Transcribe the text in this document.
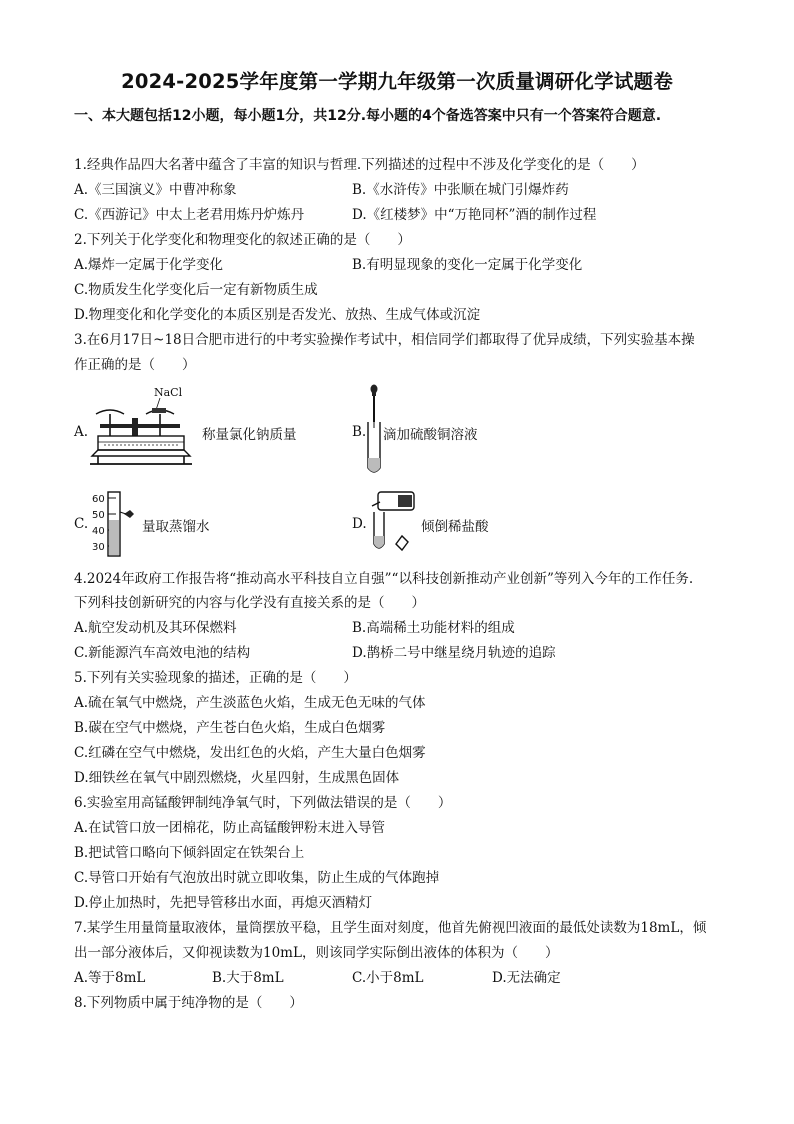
2024-2025学年度第一学期九年级第一次质量调研化学试题卷
一、本大题包括12小题，每小题1分，共12分.每小题的4个备选答案中只有一个答案符合题意.
1.经典作品四大名著中蕴含了丰富的知识与哲理.下列描述的过程中不涉及化学变化的是（　　）
A.《三国演义》中曹冲称象	B.《水浒传》中张顺在城门引爆炸药
C.《西游记》中太上老君用炼丹炉炼丹	D.《红楼梦》中“万艳同杯”酒的制作过程
2.下列关于化学变化和物理变化的叙述正确的是（　　）
A.爆炸一定属于化学变化	B.有明显现象的变化一定属于化学变化
C.物质发生化学变化后一定有新物质生成
D.物理变化和化学变化的本质区别是否发光、放热、生成气体或沉淀
3.在6月17日~18日合肥市进行的中考实验操作考试中，相信同学们都取得了优异成绩，下列实验基本操
作正确的是（　　）
A.
NaCl
称量氯化钠质量	B. 滴加硫酸铜溶液
C.
60
50
40
30
量取蒸馏水	D.	倾倒稀盐酸
4.2024年政府工作报告将“推动高水平科技自立自强”“以科技创新推动产业创新”等列入今年的工作任务.
下列科技创新研究的内容与化学没有直接关系的是（　　）
A.航空发动机及其环保燃料	B.高端稀土功能材料的组成
C.新能源汽车高效电池的结构	D.鹊桥二号中继星绕月轨迹的追踪
5.下列有关实验现象的描述，正确的是（　　）
A.硫在氧气中燃烧，产生淡蓝色火焰，生成无色无味的气体
B.碳在空气中燃烧，产生苍白色火焰，生成白色烟雾
C.红磷在空气中燃烧，发出红色的火焰，产生大量白色烟雾
D.细铁丝在氧气中剧烈燃烧，火星四射，生成黑色固体
6.实验室用高锰酸钾制纯净氧气时，下列做法错误的是（　　）
A.在试管口放一团棉花，防止高锰酸钾粉末进入导管
B.把试管口略向下倾斜固定在铁架台上
C.导管口开始有气泡放出时就立即收集，防止生成的气体跑掉
D.停止加热时，先把导管移出水面，再熄灭酒精灯
7.某学生用量筒量取液体，量筒摆放平稳，且学生面对刻度，他首先俯视凹液面的最低处读数为18mL，倾
出一部分液体后，又仰视读数为10mL，则该同学实际倒出液体的体积为（　　）
A.等于8mL	B.大于8mL	C.小于8mL	D.无法确定
8.下列物质中属于纯净物的是（　　）
